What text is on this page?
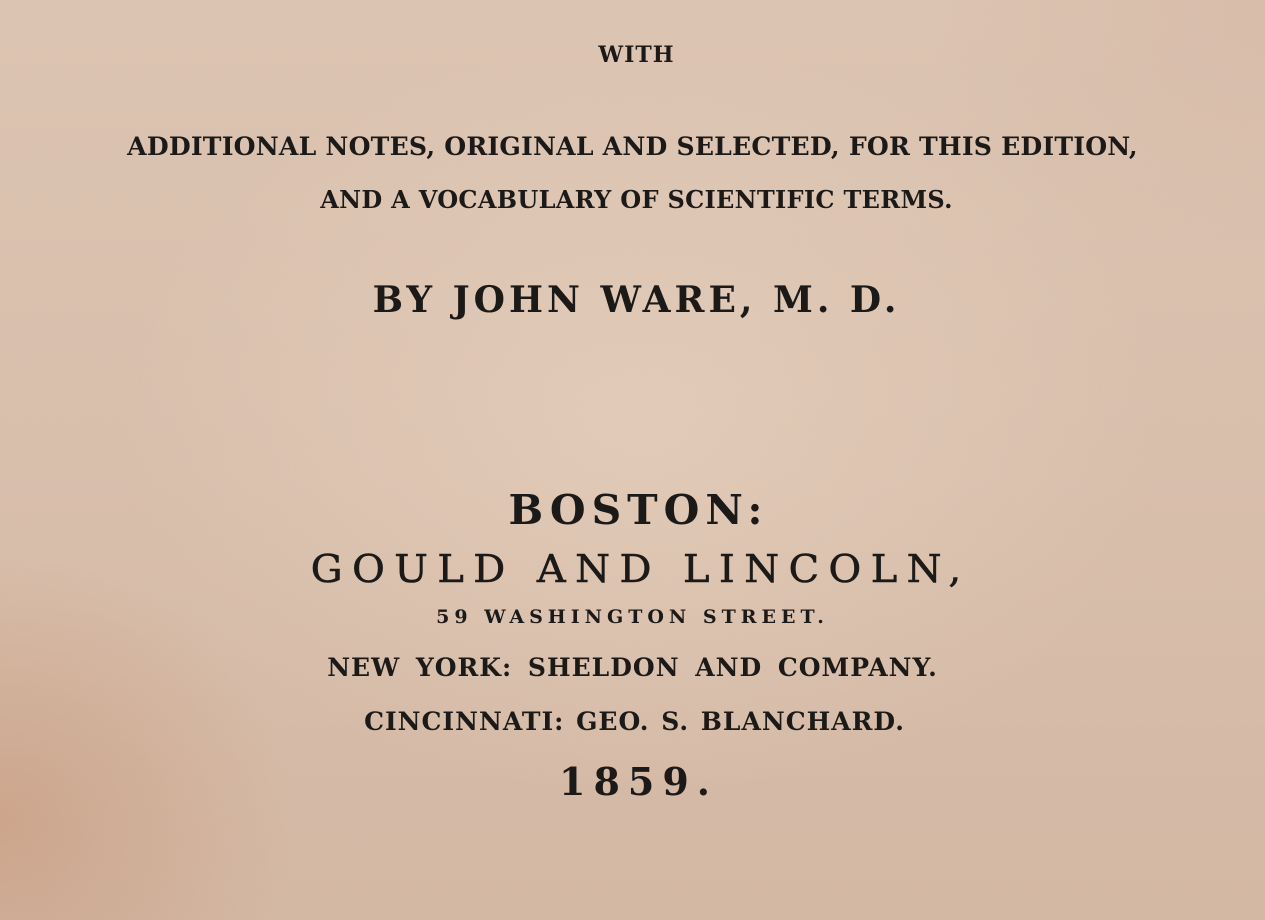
WITH
ADDITIONAL NOTES, ORIGINAL AND SELECTED, FOR THIS EDITION,
AND A VOCABULARY OF SCIENTIFIC TERMS.
BY JOHN WARE, M. D.
BOSTON:
GOULD AND LINCOLN,
59 WASHINGTON STREET.
NEW YORK: SHELDON AND COMPANY.
CINCINNATI: GEO. S. BLANCHARD.
1859.
